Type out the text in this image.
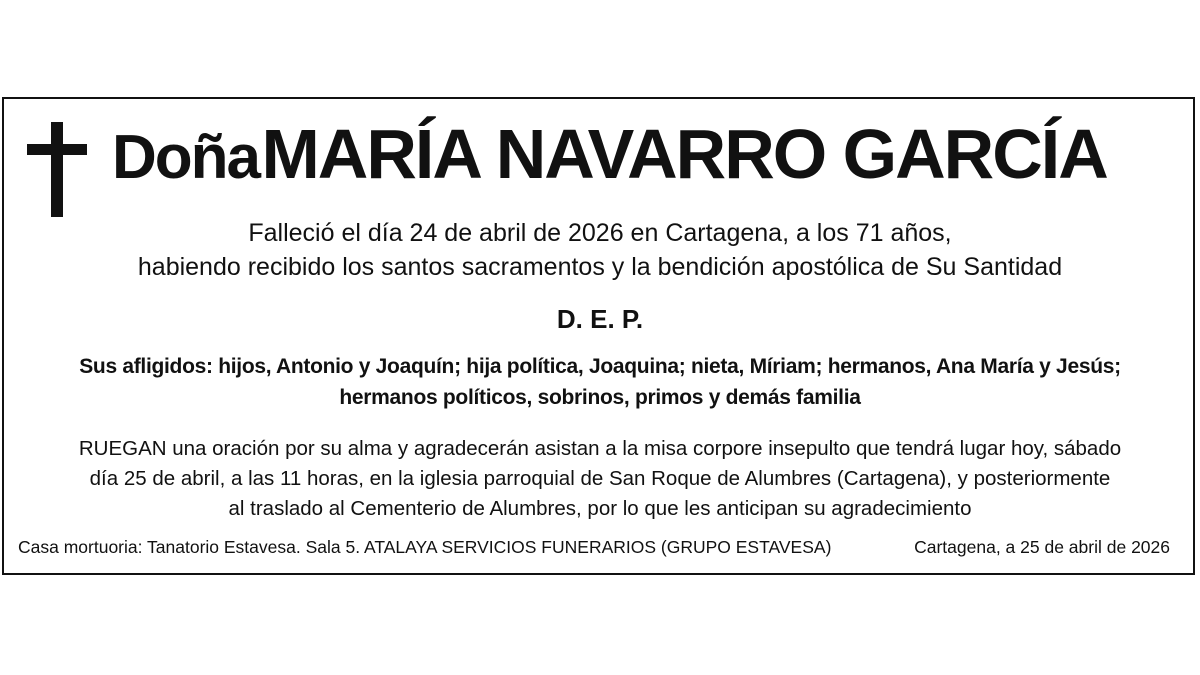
Doña MARÍA NAVARRO GARCÍA
Falleció el día 24 de abril de 2026 en Cartagena, a los 71 años,
habiendo recibido los santos sacramentos y la bendición apostólica de Su Santidad
D. E. P.
Sus afligidos: hijos, Antonio y Joaquín; hija política, Joaquina; nieta, Míriam; hermanos, Ana María y Jesús;
hermanos políticos, sobrinos, primos y demás familia
RUEGAN una oración por su alma y agradecerán asistan a la misa corpore insepulto que tendrá lugar hoy, sábado
día 25 de abril, a las 11 horas, en la iglesia parroquial de San Roque de Alumbres (Cartagena), y posteriormente
al traslado al Cementerio de Alumbres, por lo que les anticipan su agradecimiento
Casa mortuoria: Tanatorio Estavesa. Sala 5. ATALAYA SERVICIOS FUNERARIOS (GRUPO ESTAVESA)	Cartagena, a 25 de abril de 2026
